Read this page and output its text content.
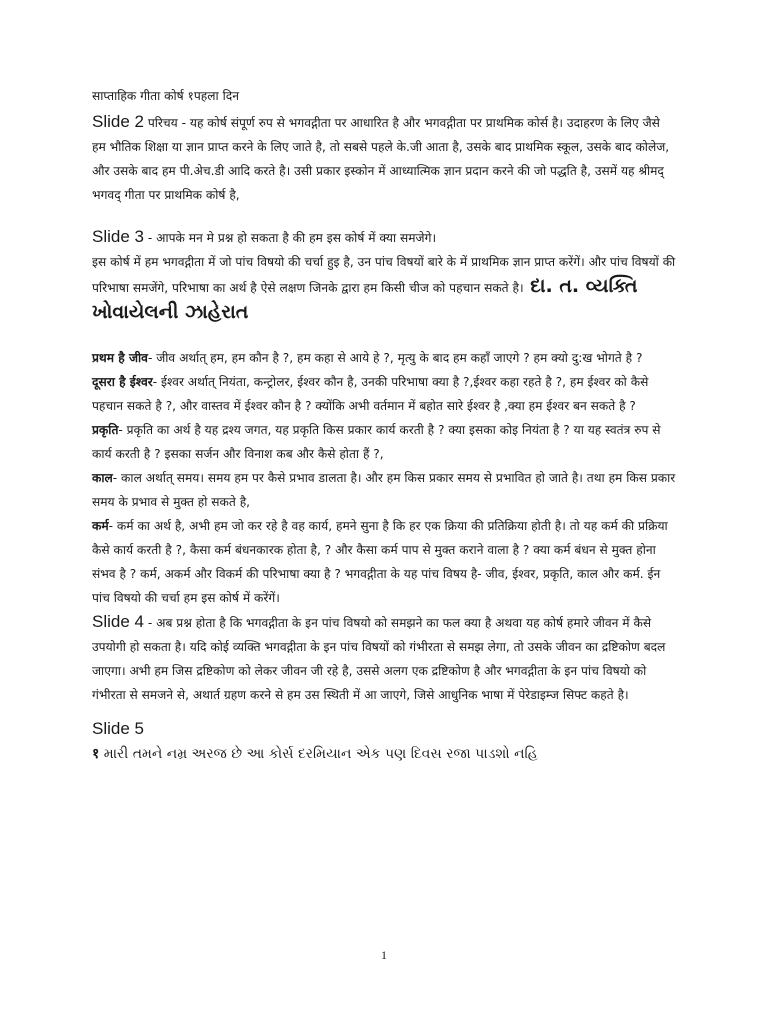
साप्ताहिक गीता कोर्ष १पहला दिन

Slide 2 परिचय - यह कोर्ष संपूर्ण रुप से भगवद्गीता पर आधारित है और भगवद्गीता पर प्राथमिक कोर्स है। उदाहरण के लिए जैसे हम भौतिक शिक्षा या ज्ञान प्राप्त करने के लिए जाते है, तो सबसे पहले के.जी आता है, उसके बाद प्राथमिक स्कूल, उसके बाद कोलेज, और उसके बाद हम पी.अेच.डी आदि करते है। उसी प्रकार इस्कोन में आध्यात्मिक ज्ञान प्रदान करने की जो पद्धति है, उसमें यह श्रीमद् भगवद् गीता पर प्राथमिक कोर्ष है,

Slide 3 - आपके मन मे प्रश्न हो सकता है की हम इस कोर्ष में क्या समजेगे।

इस कोर्ष में हम भगवद्गीता में जो पांच विषयो की चर्चा हुइ है, उन पांच विषयों बारे के में प्राथमिक ज्ञान प्राप्त करेंगें। और पांच विषयों की परिभाषा समजेंगे, परिभाषा का अर्थ है ऐसे लक्षण जिनके द्वारा हम किसी चीज को पहचान सकते है। દા. ત. વ્યક્તિ ખોવાયેલની ઝાહેરાત

प्रथम है जीव- जीव अर्थात् हम, हम कौन है ?, हम कहा से आये हे ?, मृत्यु के बाद हम कहाँ जाएगे ? हम क्यो दु:ख भोगते है ?

दूसरा है ईश्वर- ईश्वर अर्थात् नियंता, कन्ट्रोलर, ईश्वर कौन है, उनकी परिभाषा क्या है ?,ईश्वर कहा रहते है ?, हम ईश्वर को कैसे पहचान सकते है ?, और वास्तव में ईश्वर कौन है ? क्योंकि अभी वर्तमान में बहोत सारे ईश्वर है ,क्या हम ईश्वर बन सकते है ?

प्रकृति- प्रकृति का अर्थ है यह द्रश्य जगत, यह प्रकृति किस प्रकार कार्य करती है ? क्या इसका कोइ नियंता है ? या यह स्वतंत्र रुप से कार्य करती है ? इसका सर्जन और विनाश कब और कैसे होता हैं ?,

काल- काल अर्थात् समय। समय हम पर कैसे प्रभाव डालता है। और हम किस प्रकार समय से प्रभावित हो जाते है। तथा हम किस प्रकार समय के प्रभाव से मुक्त हो सकते है,

कर्म- कर्म का अर्थ है, अभी हम जो कर रहे है वह कार्य, हमने सुना है कि हर एक क्रिया की प्रतिक्रिया होती है। तो यह कर्म की प्रक्रिया कैसे कार्य करती है ?, कैसा कर्म बंधनकारक होता है, ? और कैसा कर्म पाप से मुक्त कराने वाला है ? क्या कर्म बंधन से मुक्त होना संभव है ? कर्म, अकर्म और विकर्म की परिभाषा क्या है ? भगवद्गीता के यह पांच विषय है- जीव, ईश्वर, प्रकृति, काल और कर्म. ईन पांच विषयो की चर्चा हम इस कोर्ष में करेंगें।

Slide 4 - अब प्रश्न होता है कि भगवद्गीता के इन पांच विषयो को समझने का फल क्या है अथवा यह कोर्ष हमारे जीवन में कैसे उपयोगी हो सकता है। यदि कोई व्यक्ति भगवद्गीता के इन पांच विषयों को गंभीरता से समझ लेगा, तो उसके जीवन का द्रष्टिकोण बदल जाएगा। अभी हम जिस द्रष्टिकोण को लेकर जीवन जी रहे है, उससे अलग एक द्रष्टिकोण है और भगवद्गीता के इन पांच विषयो को गंभीरता से समजने से, अथार्त ग्रहण करने से हम उस स्थिती में आ जाएगे, जिसे आधुनिक भाषा में पेरेडाइम्ज सिफ्ट कहते है।

Slide 5

१ મારી તમને નમ્ર અરજ છે આ કોર્સ દરમિયાન એક પણ દિવસ રજા પાડશો નહિ

1
